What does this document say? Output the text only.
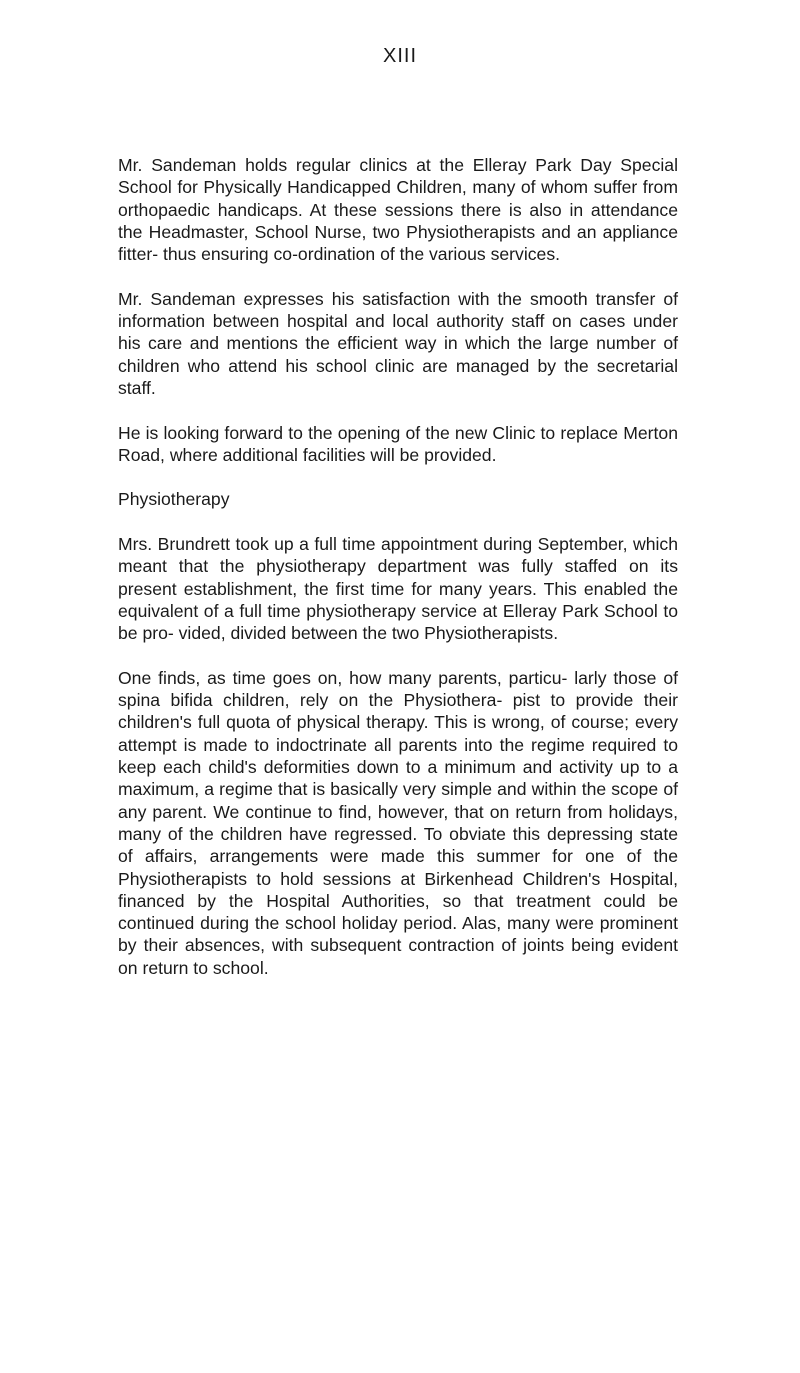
XIII

Mr. Sandeman holds regular clinics at the Elleray Park Day Special School for Physically Handicapped Children, many of whom suffer from orthopaedic handicaps. At these sessions there is also in attendance the Headmaster, School Nurse, two Physiotherapists and an appliance fitter- thus ensuring co-ordination of the various services.

Mr. Sandeman expresses his satisfaction with the smooth transfer of information between hospital and local authority staff on cases under his care and mentions the efficient way in which the large number of children who attend his school clinic are managed by the secretarial staff.

He is looking forward to the opening of the new Clinic to replace Merton Road, where additional facilities will be provided.

Physiotherapy

Mrs. Brundrett took up a full time appointment during September, which meant that the physiotherapy department was fully staffed on its present establishment, the first time for many years. This enabled the equivalent of a full time physiotherapy service at Elleray Park School to be pro- vided, divided between the two Physiotherapists.

One finds, as time goes on, how many parents, particu- larly those of spina bifida children, rely on the Physiothera- pist to provide their children's full quota of physical therapy. This is wrong, of course; every attempt is made to indoctrinate all parents into the regime required to keep each child's deformities down to a minimum and activity up to a maximum, a regime that is basically very simple and within the scope of any parent. We continue to find, however, that on return from holidays, many of the children have regressed. To obviate this depressing state of affairs, arrangements were made this summer for one of the Physiotherapists to hold sessions at Birkenhead Children's Hospital, financed by the Hospital Authorities, so that treatment could be continued during the school holiday period. Alas, many were prominent by their absences, with subsequent contraction of joints being evident on return to school.
